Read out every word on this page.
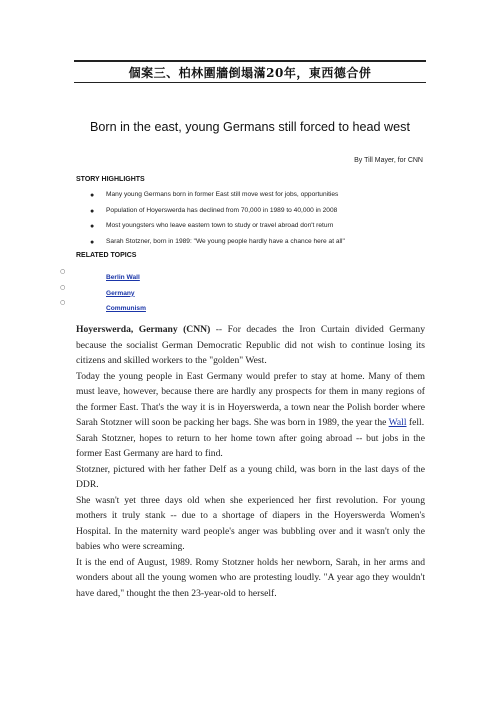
個案三、柏林圍牆倒塌滿20年，東西德合併
Born in the east, young Germans still forced to head west
By Till Mayer, for CNN
STORY HIGHLIGHTS
● Many young Germans born in former East still move west for jobs, opportunities
● Population of Hoyerswerda has declined from 70,000 in 1989 to 40,000 in 2008
● Most youngsters who leave eastern town to study or travel abroad don't return
● Sarah Stotzner, born in 1989: "We young people hardly have a chance here at all"
RELATED TOPICS
○
Berlin Wall
○
Germany
○
Communism

Hoyerswerda, Germany (CNN) -- For decades the Iron Curtain divided Germany because the socialist German Democratic Republic did not wish to continue losing its citizens and skilled workers to the "golden" West.

Today the young people in East Germany would prefer to stay at home. Many of them must leave, however, because there are hardly any prospects for them in many regions of the former East. That's the way it is in Hoyerswerda, a town near the Polish border where Sarah Stotzner will soon be packing her bags. She was born in 1989, the year the Wall fell.

Sarah Stotzner, hopes to return to her home town after going abroad -- but jobs in the former East Germany are hard to find.

Stotzner, pictured with her father Delf as a young child, was born in the last days of the DDR.

She wasn't yet three days old when she experienced her first revolution. For young mothers it truly stank -- due to a shortage of diapers in the Hoyerswerda Women's Hospital. In the maternity ward people's anger was bubbling over and it wasn't only the babies who were screaming.

It is the end of August, 1989. Romy Stotzner holds her newborn, Sarah, in her arms and wonders about all the young women who are protesting loudly. "A year ago they wouldn't have dared," thought the then 23-year-old to herself.
